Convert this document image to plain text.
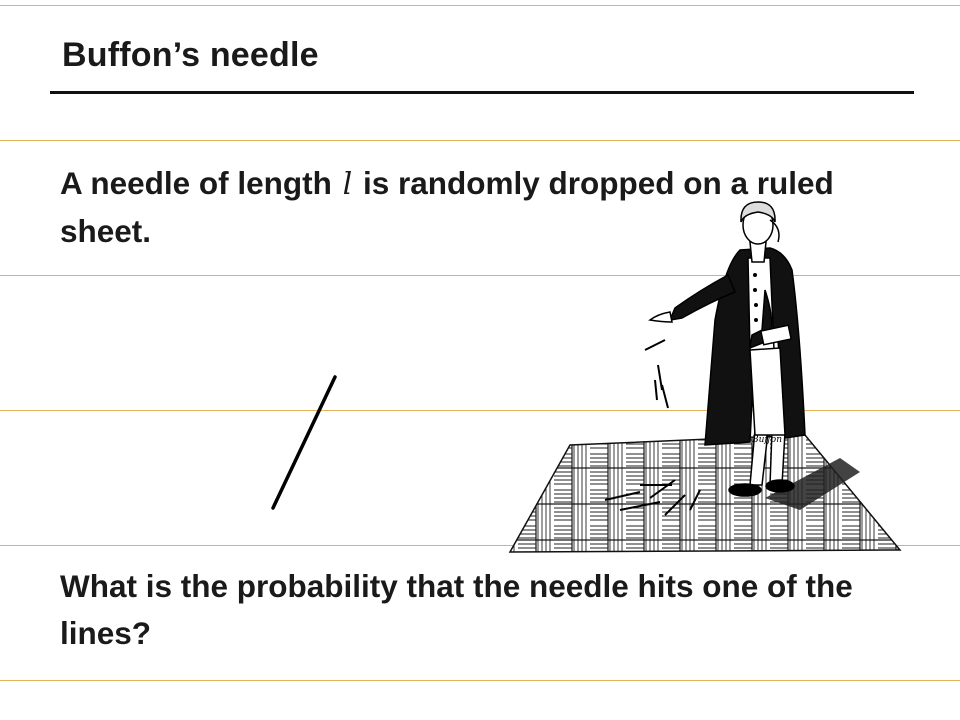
Buffon’s needle
A needle of length l is randomly dropped on a ruled sheet.
Buffon
What is the probability that the needle hits one of the lines?
